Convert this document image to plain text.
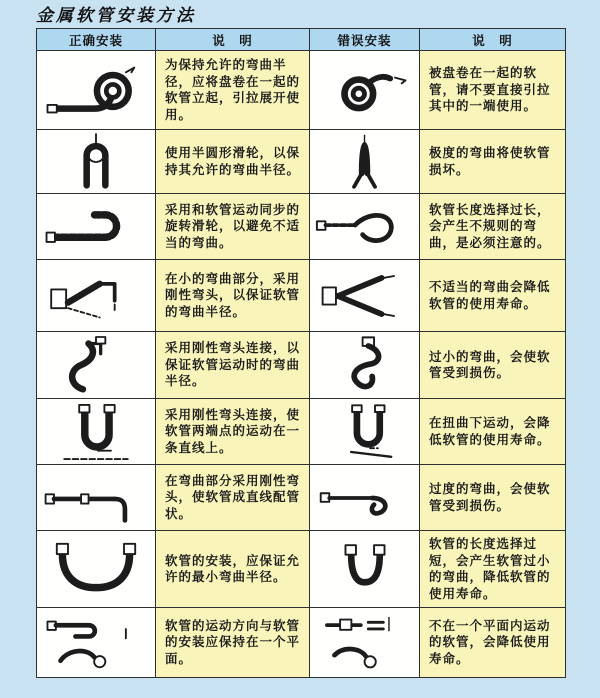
金属软管安装方法
正确安装	说　明	错误安装	说　明

	为保持允许的弯曲半径，应将盘卷在一起的软管立起，引拉展开使用。		被盘卷在一起的软管，请不要直接引拉其中的一端使用。

	使用半圆形滑轮，以保持其允许的弯曲半径。		极度的弯曲将使软管损坏。

	采用和软管运动同步的旋转滑轮，以避免不适当的弯曲。		软管长度选择过长，会产生不规则的弯曲，是必须注意的。

	在小的弯曲部分，采用刚性弯头，以保证软管的弯曲半径。		不适当的弯曲会降低软管的使用寿命。

	采用刚性弯头连接，以保证软管运动时的弯曲半径。		过小的弯曲，会使软管受到损伤。

	采用刚性弯头连接，使软管两端点的运动在一条直线上。		在扭曲下运动，会降低软管的使用寿命。

	在弯曲部分采用刚性弯头，使软管成直线配管状。		过度的弯曲，会使软管受到损伤。

	软管的安装，应保证允许的最小弯曲半径。		软管的长度选择过短，会产生软管过小的弯曲，降低软管的使用寿命。

	软管的运动方向与软管的安装应保持在一个平面。		不在一个平面内运动的软管，会降低使用寿命。
